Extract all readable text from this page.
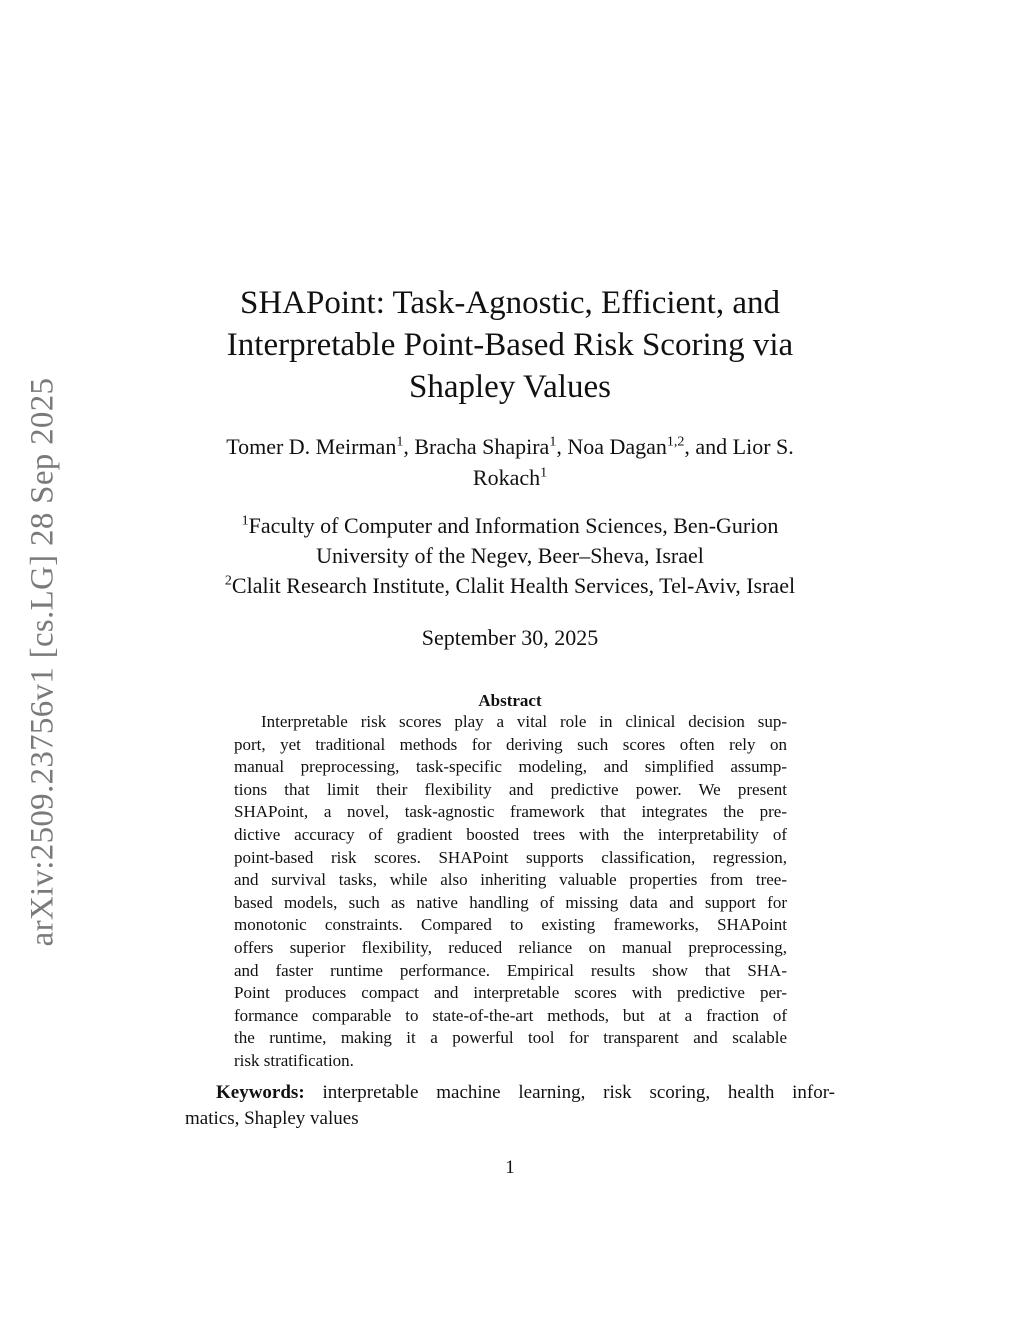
arXiv:2509.23756v1 [cs.LG] 28 Sep 2025
SHAPoint: Task-Agnostic, Efficient, and
Interpretable Point-Based Risk Scoring via
Shapley Values
Tomer D. Meirman$^1$, Bracha Shapira$^1$, Noa Dagan$^{1,2}$, and Lior S.
Rokach$^1$
$^1$Faculty of Computer and Information Sciences, Ben-Gurion
University of the Negev, Beer–Sheva, Israel
$^2$Clalit Research Institute, Clalit Health Services, Tel-Aviv, Israel
September 30, 2025
Abstract
Interpretable risk scores play a vital role in clinical decision sup-
port, yet traditional methods for deriving such scores often rely on
manual preprocessing, task-specific modeling, and simplified assump-
tions that limit their flexibility and predictive power. We present
SHAPoint, a novel, task-agnostic framework that integrates the pre-
dictive accuracy of gradient boosted trees with the interpretability of
point-based risk scores. SHAPoint supports classification, regression,
and survival tasks, while also inheriting valuable properties from tree-
based models, such as native handling of missing data and support for
monotonic constraints. Compared to existing frameworks, SHAPoint
offers superior flexibility, reduced reliance on manual preprocessing,
and faster runtime performance. Empirical results show that SHA-
Point produces compact and interpretable scores with predictive per-
formance comparable to state-of-the-art methods, but at a fraction of
the runtime, making it a powerful tool for transparent and scalable
risk stratification.
Keywords: interpretable machine learning, risk scoring, health infor-
matics, Shapley values
1
